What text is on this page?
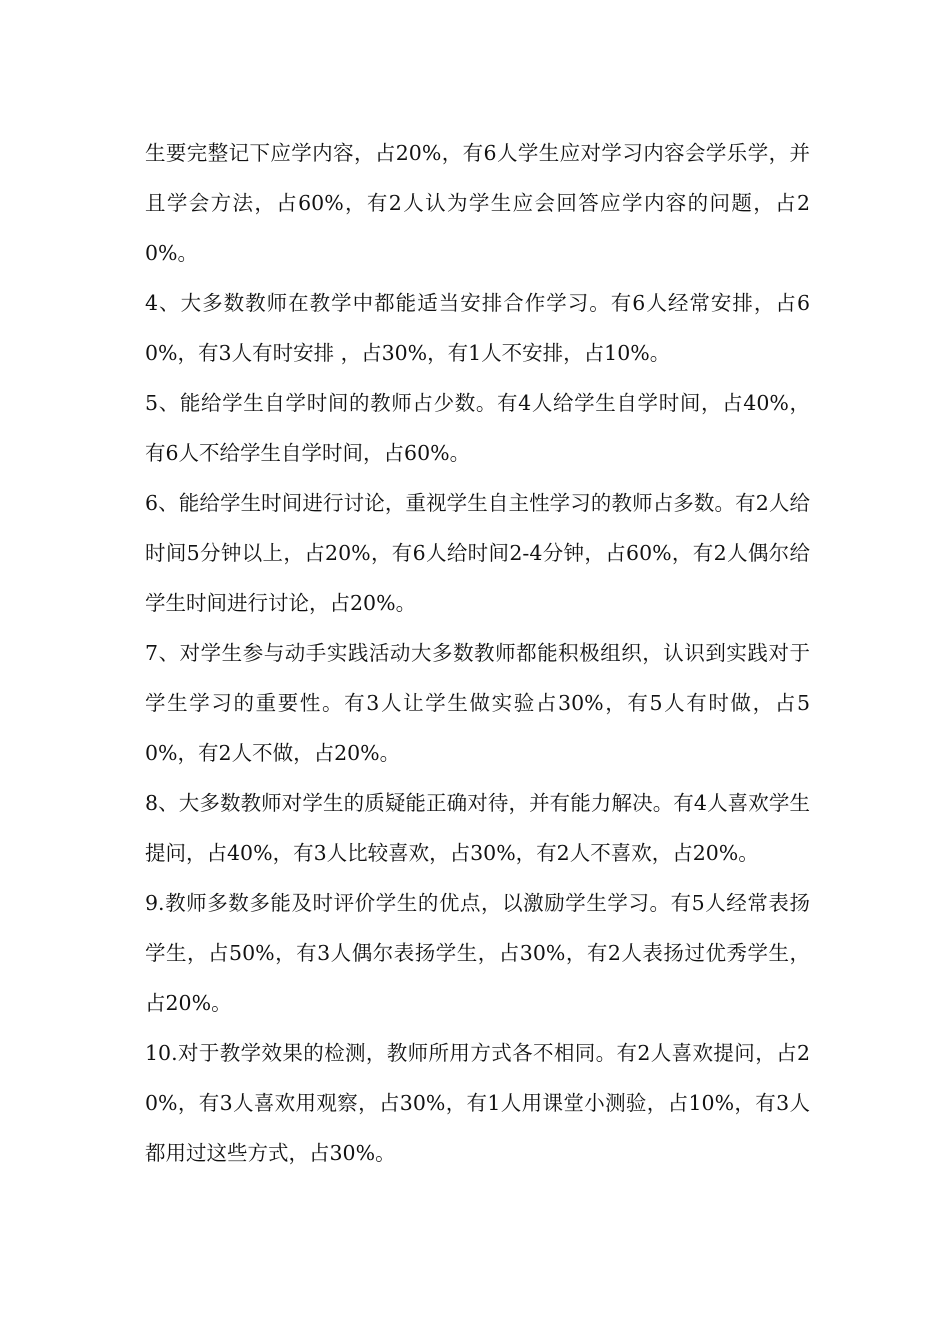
生要完整记下应学内容，占20%，有6人学生应对学习内容会学乐学，并且学会方法，占60%，有2人认为学生应会回答应学内容的问题，占20%。

4、大多数教师在教学中都能适当安排合作学习。有6人经常安排，占60%，有3人有时安排 ，占30%，有1人不安排，占10%。

5、能给学生自学时间的教师占少数。有4人给学生自学时间，占40%，有6人不给学生自学时间，占60%。

6、能给学生时间进行讨论，重视学生自主性学习的教师占多数。有2人给时间5分钟以上，占20%，有6人给时间2-4分钟，占60%，有2人偶尔给学生时间进行讨论，占20%。

7、对学生参与动手实践活动大多数教师都能积极组织，认识到实践对于学生学习的重要性。有3人让学生做实验占30%，有5人有时做，占50%，有2人不做，占20%。

8、大多数教师对学生的质疑能正确对待，并有能力解决。有4人喜欢学生提问，占40%，有3人比较喜欢，占30%，有2人不喜欢，占20%。

9.教师多数多能及时评价学生的优点，以激励学生学习。有5人经常表扬学生，占50%，有3人偶尔表扬学生，占30%，有2人表扬过优秀学生，占20%。

10.对于教学效果的检测，教师所用方式各不相同。有2人喜欢提问，占20%，有3人喜欢用观察，占30%，有1人用课堂小测验，占10%，有3人都用过这些方式，占30%。
